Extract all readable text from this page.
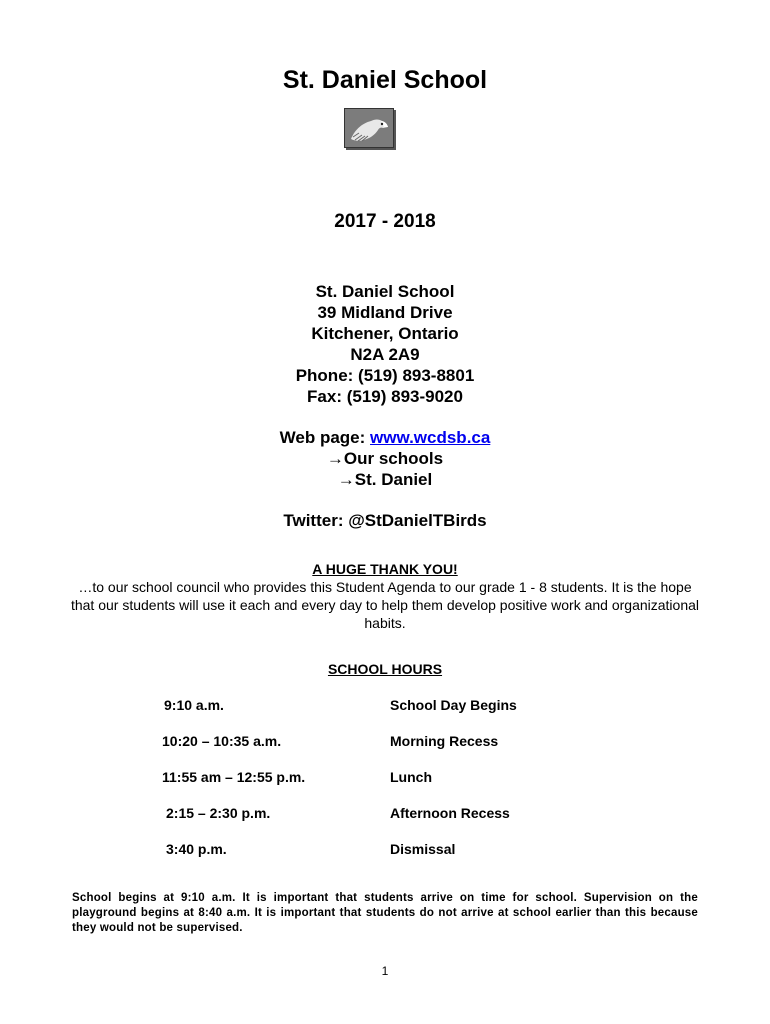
St. Daniel School
2017 - 2018
St. Daniel School
39 Midland Drive
Kitchener, Ontario
N2A 2A9
Phone: (519) 893-8801
Fax: (519) 893-9020
Web page: www.wcdsb.ca
→Our schools
→St. Daniel
Twitter: @StDanielTBirds
A HUGE THANK YOU!
…to our school council who provides this Student Agenda to our grade 1 - 8 students. It is the hope that our students will use it each and every day to help them develop positive work and organizational habits.
SCHOOL HOURS
9:10 a.m.	School Day Begins
10:20 – 10:35 a.m.	Morning Recess
11:55 am – 12:55 p.m.	Lunch
2:15 – 2:30 p.m.	Afternoon Recess
3:40 p.m.	Dismissal
School begins at 9:10 a.m. It is important that students arrive on time for school. Supervision on the playground begins at 8:40 a.m. It is important that students do not arrive at school earlier than this because they would not be supervised.
1
